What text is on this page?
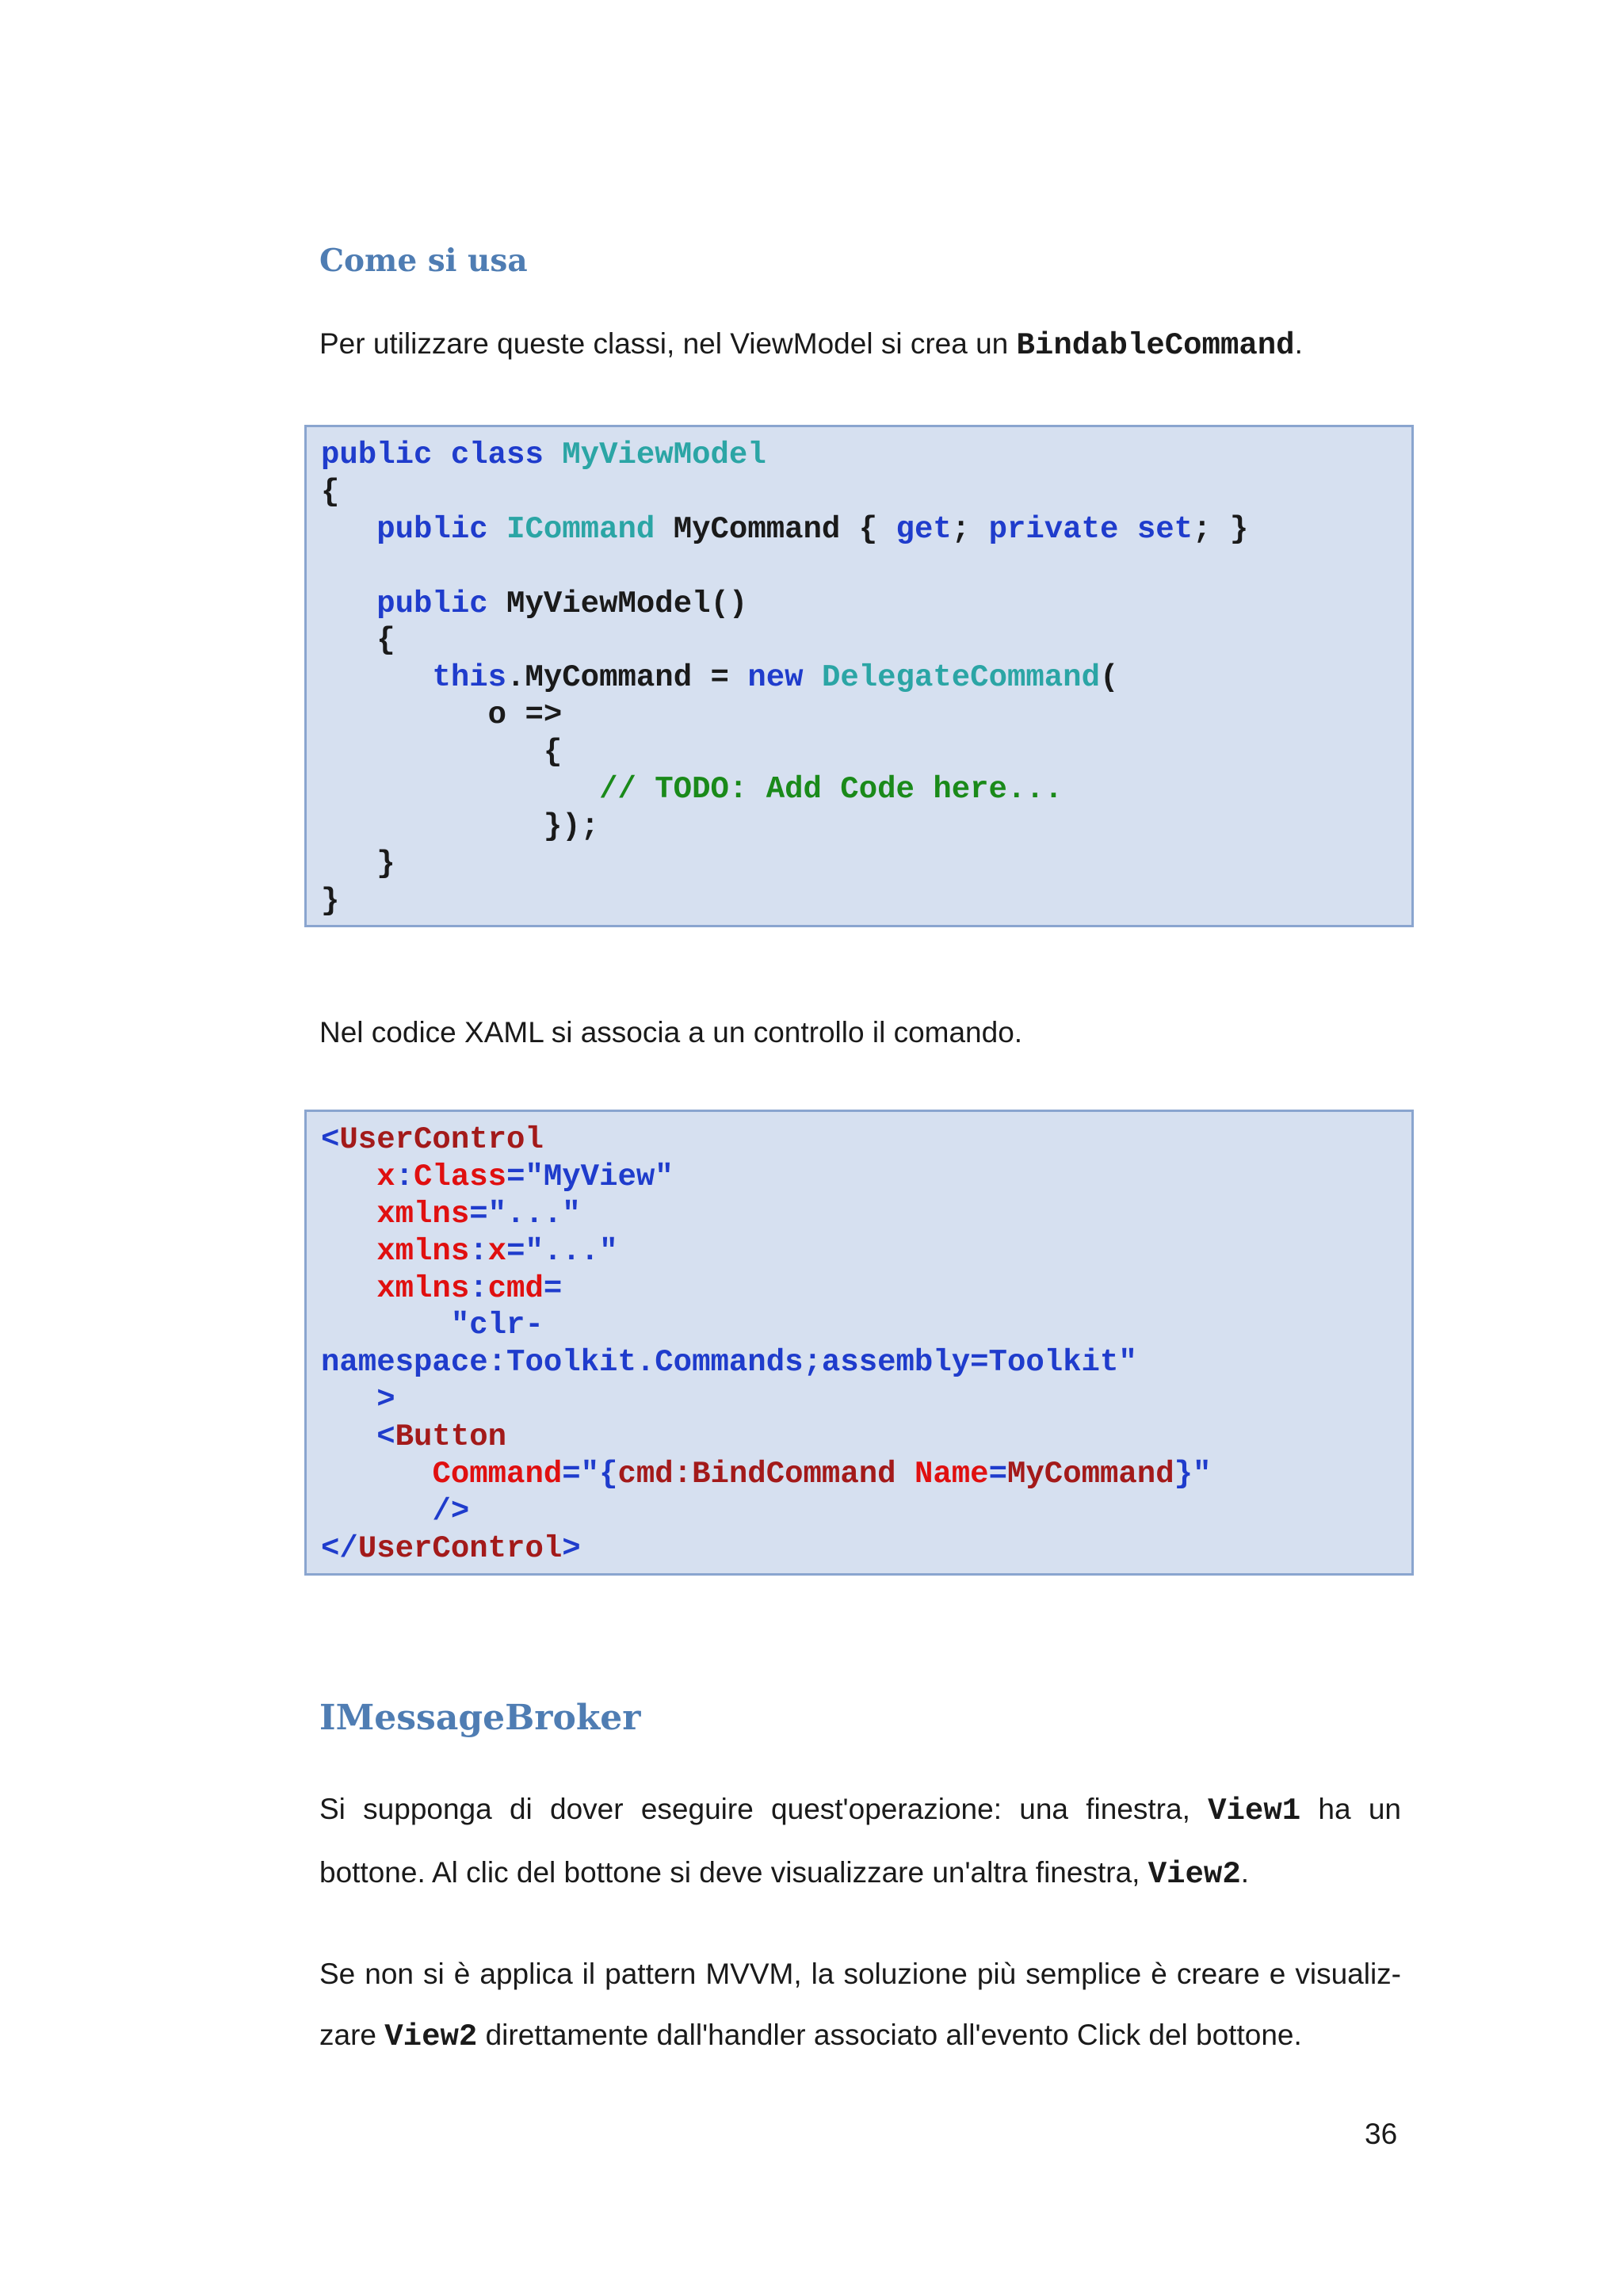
Come si usa

Per utilizzare queste classi, nel ViewModel si crea un BindableCommand.

public class MyViewModel
{
public ICommand MyCommand { get; private set; }
public MyViewModel()
{
this.MyCommand = new DelegateCommand(
o =>
{
// TODO: Add Code here...
});
}
}

Nel codice XAML si associa a un controllo il comando.

<UserControl
x:Class="MyView"
xmlns="..."
xmlns:x="..."
xmlns:cmd=
"clr-
namespace:Toolkit.Commands;assembly=Toolkit"
>
<Button
Command="{cmd:BindCommand Name=MyCommand}"
/>
</UserControl>
IMessageBroker

Si supponga di dover eseguire quest'operazione: una finestra, View1 ha un bottone. Al clic del bottone si deve visualizzare un'altra finestra, View2.

Se non si è applica il pattern MVVM, la soluzione più semplice è creare e visualiz-zare View2 direttamente dall'handler associato all'evento Click del bottone.

36
